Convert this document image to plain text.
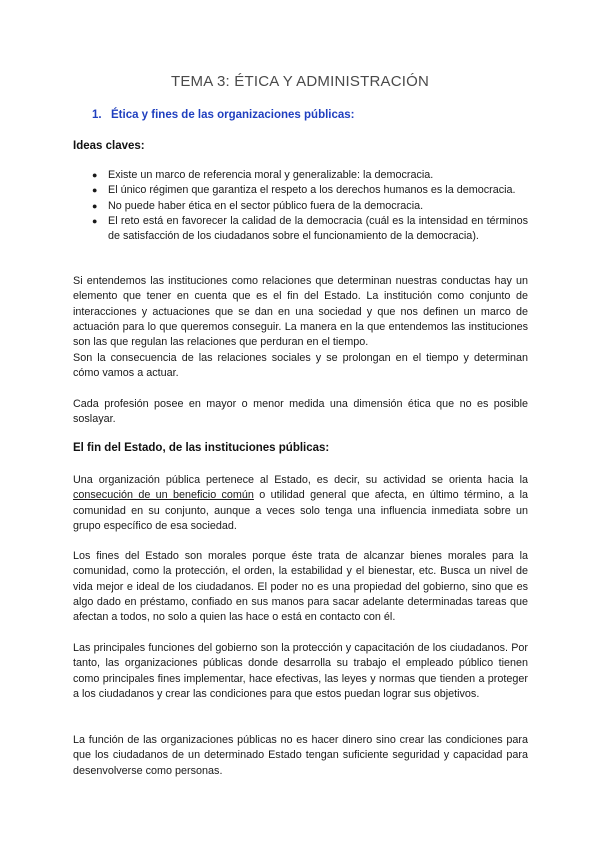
TEMA 3: ÉTICA Y ADMINISTRACIÓN
1. Ética y fines de las organizaciones públicas:
Ideas claves:
● Existe un marco de referencia moral y generalizable: la democracia.
● El único régimen que garantiza el respeto a los derechos humanos es la democracia.
● No puede haber ética en el sector público fuera de la democracia.
● El reto está en favorecer la calidad de la democracia (cuál es la intensidad en términos de satisfacción de los ciudadanos sobre el funcionamiento de la democracia).

Si entendemos las instituciones como relaciones que determinan nuestras conductas hay un elemento que tener en cuenta que es el fin del Estado. La institución como conjunto de interacciones y actuaciones que se dan en una sociedad y que nos definen un marco de actuación para lo que queremos conseguir. La manera en la que entendemos las instituciones son las que regulan las relaciones que perduran en el tiempo.

Son la consecuencia de las relaciones sociales y se prolongan en el tiempo y determinan cómo vamos a actuar.

Cada profesión posee en mayor o menor medida una dimensión ética que no es posible soslayar.

El fin del Estado, de las instituciones públicas:

Una organización pública pertenece al Estado, es decir, su actividad se orienta hacia la consecución de un beneficio común o utilidad general que afecta, en último término, a la comunidad en su conjunto, aunque a veces solo tenga una influencia inmediata sobre un grupo específico de esa sociedad.

Los fines del Estado son morales porque éste trata de alcanzar bienes morales para la comunidad, como la protección, el orden, la estabilidad y el bienestar, etc. Busca un nivel de vida mejor e ideal de los ciudadanos. El poder no es una propiedad del gobierno, sino que es algo dado en préstamo, confiado en sus manos para sacar adelante determinadas tareas que afectan a todos, no solo a quien las hace o está en contacto con él.

Las principales funciones del gobierno son la protección y capacitación de los ciudadanos. Por tanto, las organizaciones públicas donde desarrolla su trabajo el empleado público tienen como principales fines implementar, hace efectivas, las leyes y normas que tienden a proteger a los ciudadanos y crear las condiciones para que estos puedan lograr sus objetivos.

La función de las organizaciones públicas no es hacer dinero sino crear las condiciones para que los ciudadanos de un determinado Estado tengan suficiente seguridad y capacidad para desenvolverse como personas.
